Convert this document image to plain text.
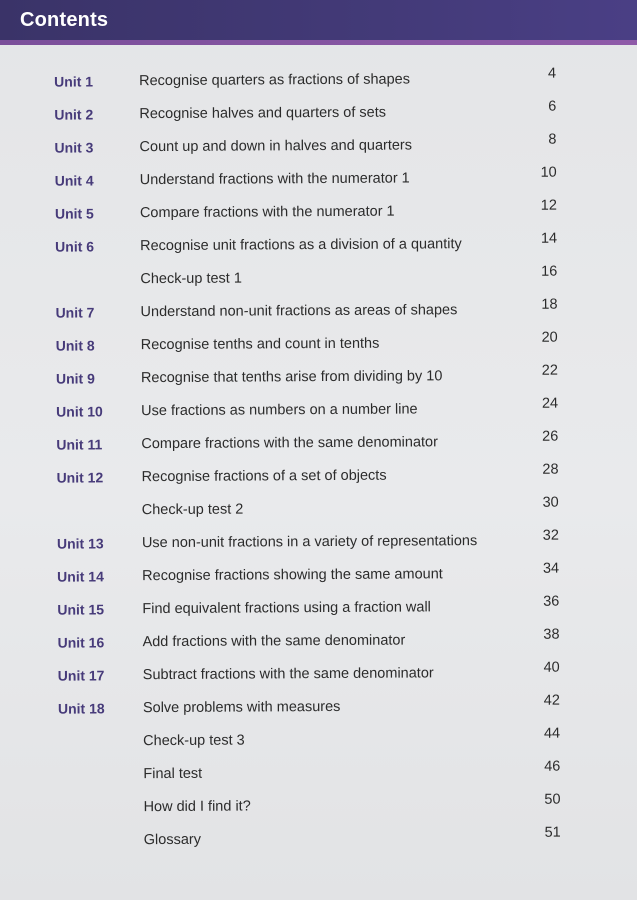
Contents
Unit 1	Recognise quarters as fractions of shapes	4
Unit 2	Recognise halves and quarters of sets	6
Unit 3	Count up and down in halves and quarters	8
Unit 4	Understand fractions with the numerator 1	10
Unit 5	Compare fractions with the numerator 1	12
Unit 6	Recognise unit fractions as a division of a quantity	14
Check-up test 1	16
Unit 7	Understand non-unit fractions as areas of shapes	18
Unit 8	Recognise tenths and count in tenths	20
Unit 9	Recognise that tenths arise from dividing by 10	22
Unit 10	Use fractions as numbers on a number line	24
Unit 11	Compare fractions with the same denominator	26
Unit 12	Recognise fractions of a set of objects	28
Check-up test 2	30
Unit 13	Use non-unit fractions in a variety of representations	32
Unit 14	Recognise fractions showing the same amount	34
Unit 15	Find equivalent fractions using a fraction wall	36
Unit 16	Add fractions with the same denominator	38
Unit 17	Subtract fractions with the same denominator	40
Unit 18	Solve problems with measures	42
Check-up test 3	44
Final test	46
How did I find it?	50
Glossary	51
